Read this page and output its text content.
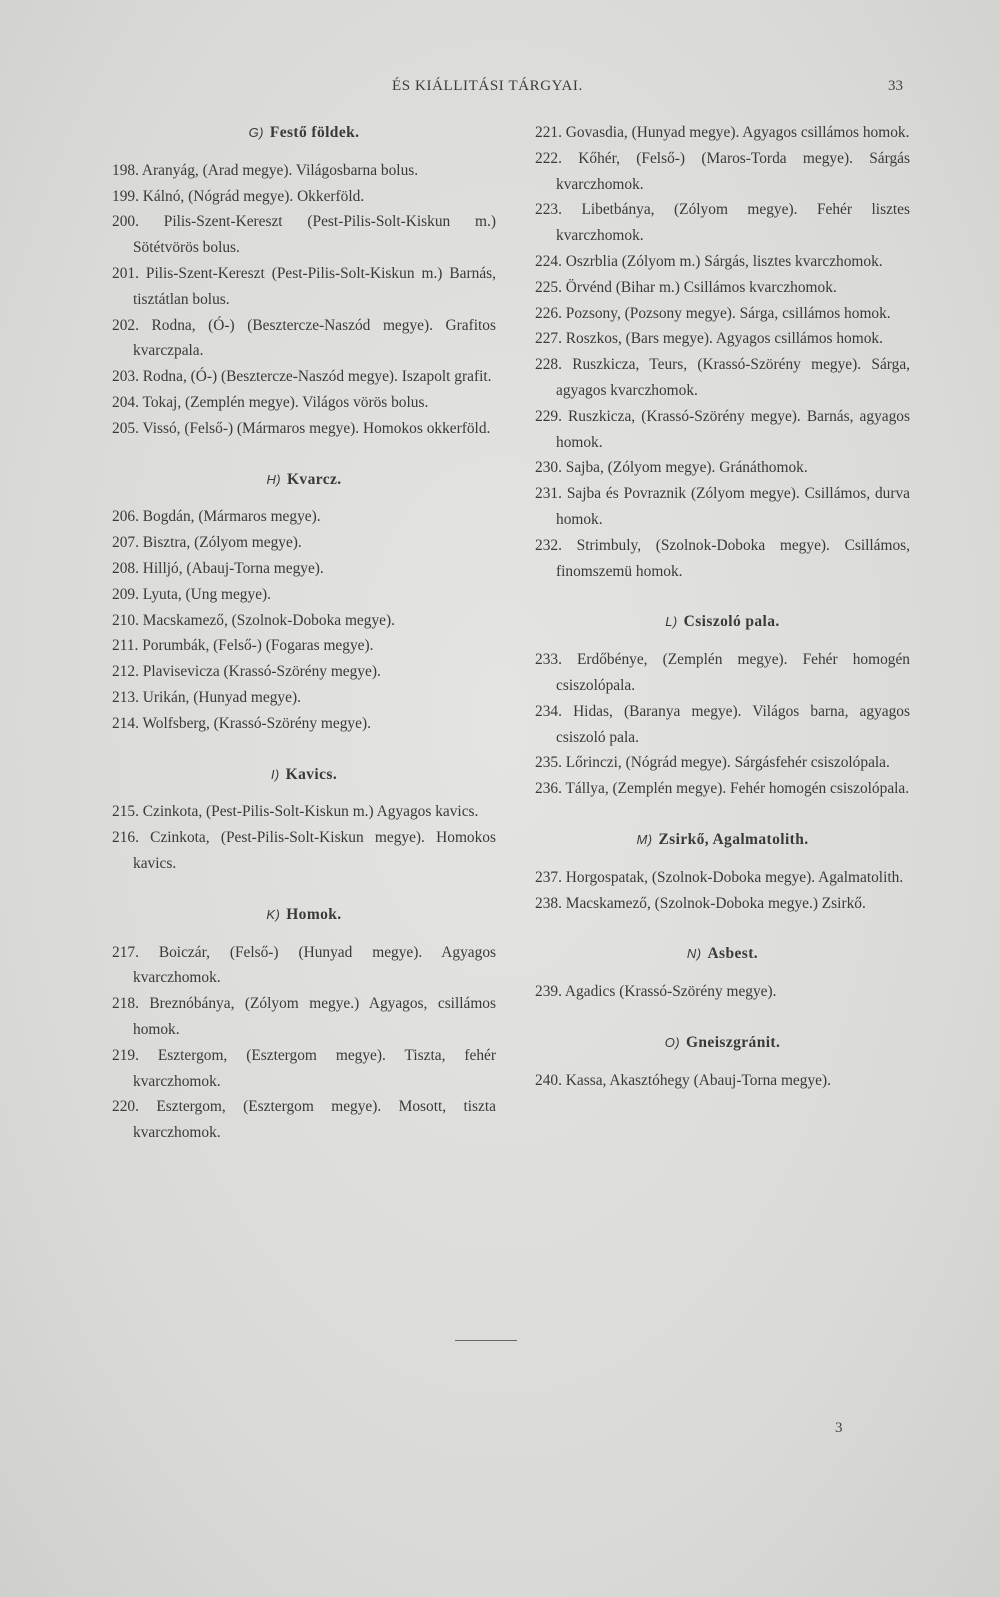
ÉS KIÁLLITÁSI TÁRGYAI.	33

G) Festő földek.

198. Aranyág, (Arad megye). Világosbarna bolus.

199. Kálnó, (Nógrád megye). Okkerföld.

200. Pilis-Szent-Kereszt (Pest-Pilis-Solt-Kiskun m.) Sötétvörös bolus.

201. Pilis-Szent-Kereszt (Pest-Pilis-Solt-Kiskun m.) Barnás, tisztátlan bolus.

202. Rodna, (Ó-) (Besztercze-Naszód megye). Grafitos kvarczpala.

203. Rodna, (Ó-) (Besztercze-Naszód megye). Iszapolt grafit.

204. Tokaj, (Zemplén megye). Világos vörös bolus.

205. Vissó, (Felső-) (Mármaros megye). Homokos okkerföld.

H) Kvarcz.

206. Bogdán, (Mármaros megye).

207. Bisztra, (Zólyom megye).

208. Hilljó, (Abauj-Torna megye).

209. Lyuta, (Ung megye).

210. Macskamező, (Szolnok-Doboka megye).

211. Porumbák, (Felső-) (Fogaras megye).

212. Plavisevicza (Krassó-Szörény megye).

213. Urikán, (Hunyad megye).

214. Wolfsberg, (Krassó-Szörény megye).

I) Kavics.

215. Czinkota, (Pest-Pilis-Solt-Kiskun m.) Agyagos kavics.

216. Czinkota, (Pest-Pilis-Solt-Kiskun megye). Homokos kavics.

K) Homok.

217. Boiczár, (Felső-) (Hunyad megye). Agyagos kvarczhomok.

218. Breznóbánya, (Zólyom megye.) Agyagos, csillámos homok.

219. Esztergom, (Esztergom megye). Tiszta, fehér kvarczhomok.

220. Esztergom, (Esztergom megye). Mosott, tiszta kvarczhomok.

221. Govasdia, (Hunyad megye). Agyagos csillámos homok.

222. Kőhér, (Felső-) (Maros-Torda megye). Sárgás kvarczhomok.

223. Libetbánya, (Zólyom megye). Fehér lisztes kvarczhomok.

224. Oszrblia (Zólyom m.) Sárgás, lisztes kvarczhomok.

225. Örvénd (Bihar m.) Csillámos kvarczhomok.

226. Pozsony, (Pozsony megye). Sárga, csillámos homok.

227. Roszkos, (Bars megye). Agyagos csillámos homok.

228. Ruszkicza, Teurs, (Krassó-Szörény megye). Sárga, agyagos kvarczhomok.

229. Ruszkicza, (Krassó-Szörény megye). Barnás, agyagos homok.

230. Sajba, (Zólyom megye). Gránáthomok.

231. Sajba és Povraznik (Zólyom megye). Csillámos, durva homok.

232. Strimbuly, (Szolnok-Doboka megye). Csillámos, finomszemü homok.

L) Csiszoló pala.

233. Erdőbénye, (Zemplén megye). Fehér homogén csiszolópala.

234. Hidas, (Baranya megye). Világos barna, agyagos csiszoló pala.

235. Lőrinczi, (Nógrád megye). Sárgásfehér csiszolópala.

236. Tállya, (Zemplén megye). Fehér homogén csiszolópala.

M) Zsirkő, Agalmatolith.

237. Horgospatak, (Szolnok-Doboka megye). Agalmatolith.

238. Macskamező, (Szolnok-Doboka megye.) Zsirkő.

N) Asbest.

239. Agadics (Krassó-Szörény megye).

O) Gneiszgránit.

240. Kassa, Akasztóhegy (Abauj-Torna megye).

3
